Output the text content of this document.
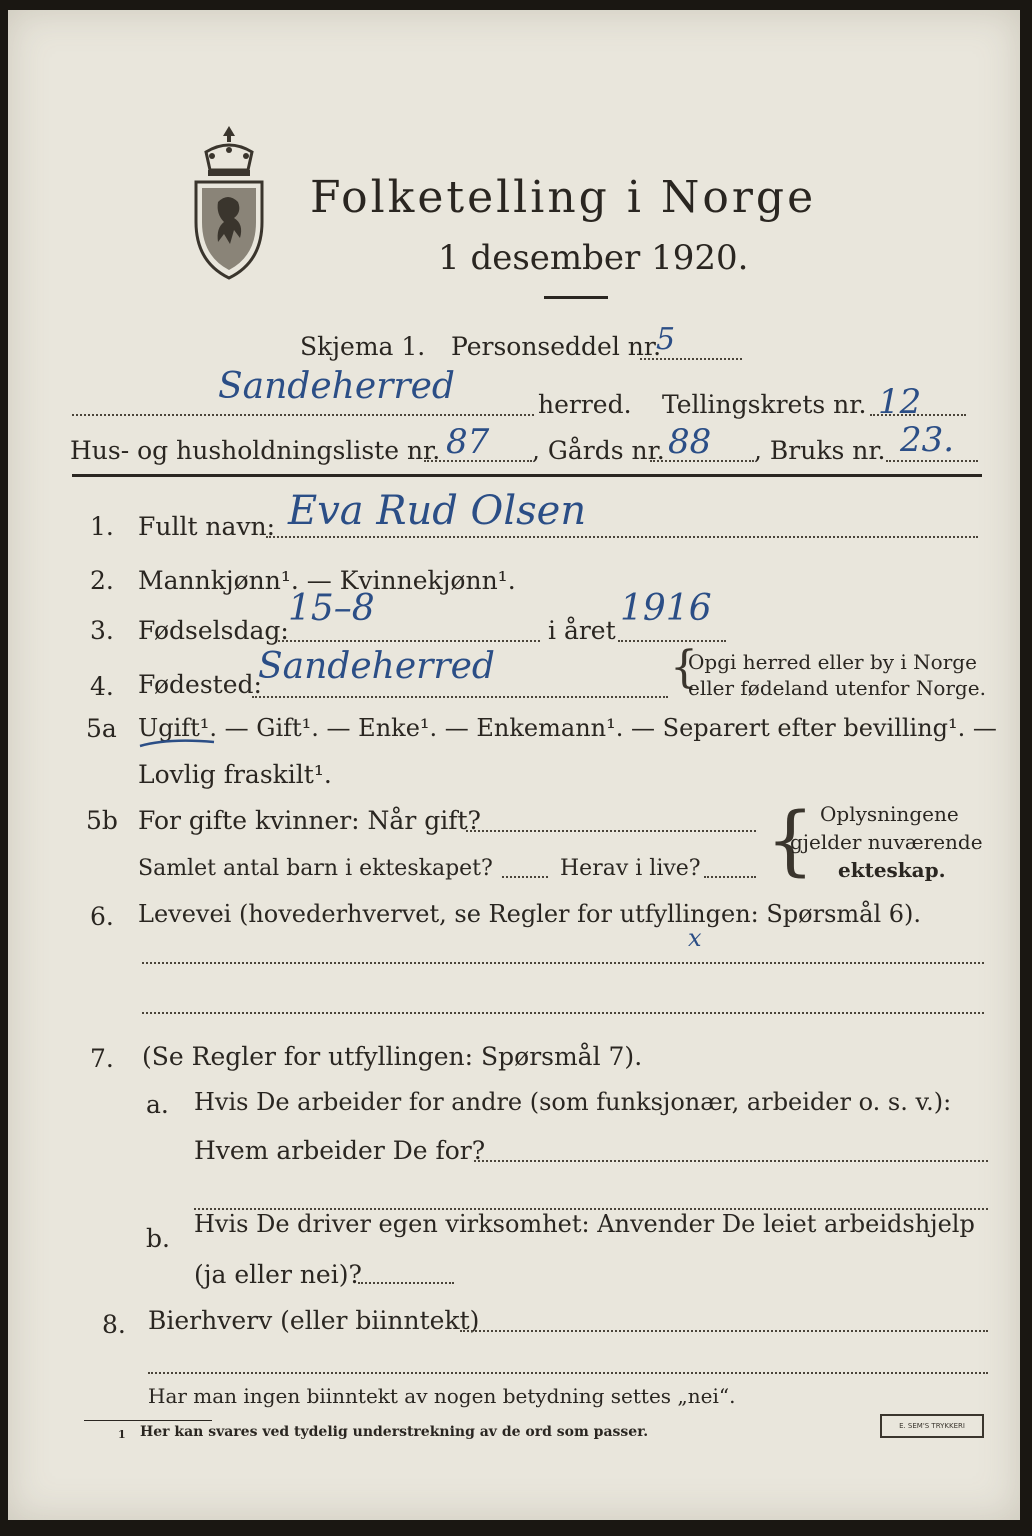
Folketelling i Norge
1 desember 1920.
Skjema 1. Personseddel nr.
5
Sandeherred	herred. Tellingskrets nr. 12
Hus- og husholdningsliste nr. 87 , Gårds nr. 88 , Bruks nr. 23.
1. Fullt navn: Eva Rud Olsen
2. Mannkjønn¹. — Kvinnekjønn¹.
3. Fødselsdag:
15–8
i året
1916
4. Fødested:
Sandeherred	{
Opgi herred eller by i Norge
eller fødeland utenfor Norge.
5a Ugift¹. — Gift¹. — Enke¹. — Enkemann¹. — Separert efter bevilling¹. —
Lovlig fraskilt¹.
5b For gifte kvinner: Når gift?
Samlet antal barn i ekteskapet?	Herav i live? { Oplysningene
gjelder nuværende
ekteskap.
6. Levevei (hovederhvervet, se Regler for utfyllingen: Spørsmål 6).
x
7. (Se Regler for utfyllingen: Spørsmål 7).
a. Hvis De arbeider for andre (som funksjonær, arbeider o. s. v.):
Hvem arbeider De for?
b. Hvis De driver egen virksomhet: Anvender De leiet arbeidshjelp
(ja eller nei)?
8. Bierhverv (eller biinntekt)
Har man ingen biinntekt av nogen betydning settes „nei“.
1 Her kan svares ved tydelig understrekning av de ord som passer.	E. SEM'S TRYKKERI
